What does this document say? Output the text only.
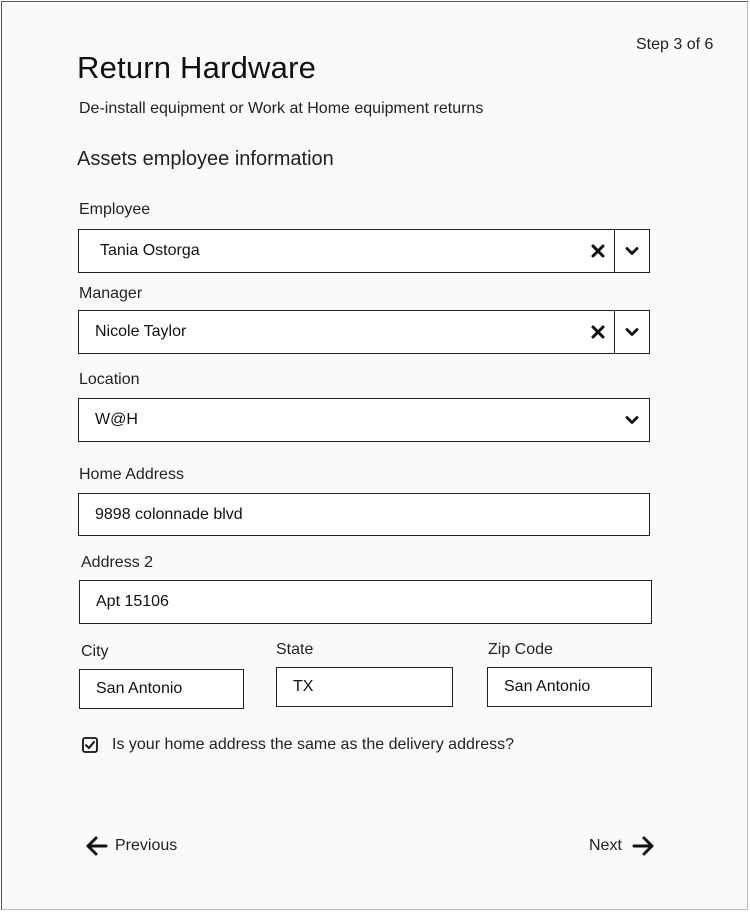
Step 3 of 6
Return Hardware
De-install equipment or Work at Home equipment returns
Assets employee information
Employee
Tania Ostorga
Manager
Nicole Taylor
Location
W@H
Home Address
9898 colonnade blvd
Address 2
Apt 15106
City
San Antonio
State
TX
Zip Code
San Antonio
Is your home address the same as the delivery address?
Previous	Next
